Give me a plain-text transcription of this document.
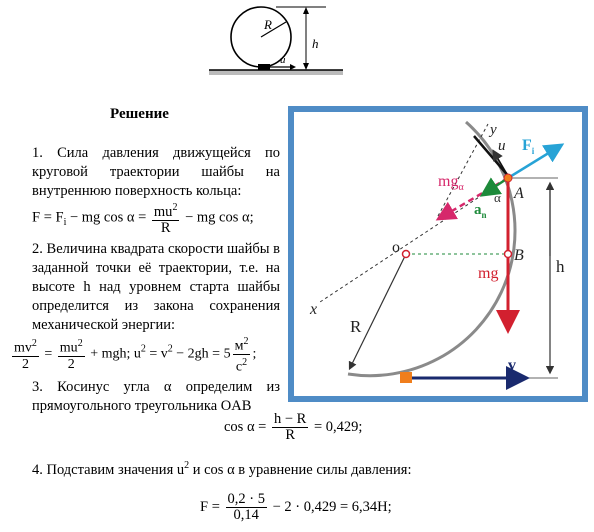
R
h
u
Решение
1. Сила давления движущейся по круговой траектории шайбы на внутреннюю поверхность кольца:
$F = F_i$ − mg $\cos \alpha = \frac{mu^2}{R}$ − mg cos α;
2. Величина квадрата скорости шайбы в заданной точки её траектории, т.е. на высоте h над уровнем старта шайбы определится из закона сохранения механической энергии:
$\frac{mv^2}{2} = \frac{mu^2}{2}$ + mgh; $u^2 = v^2 - 2gh = 5 \frac{м^2}{c^2}$ ;
3. Косинус угла α определим из прямоугольного треугольника OAB
$\cos \alpha = \frac{h - R}{R} = 0,429$;
4. Подставим значения $u^2$ и cos α в уравнение силы давления:
$F = \frac{0,2 \cdot 5}{0,14} - 2 \cdot 0,429 = 6,34H$;
y
u $F_i$
$mg_\alpha$
α A
$a_n$
o	B
mg	h
x
R
v
